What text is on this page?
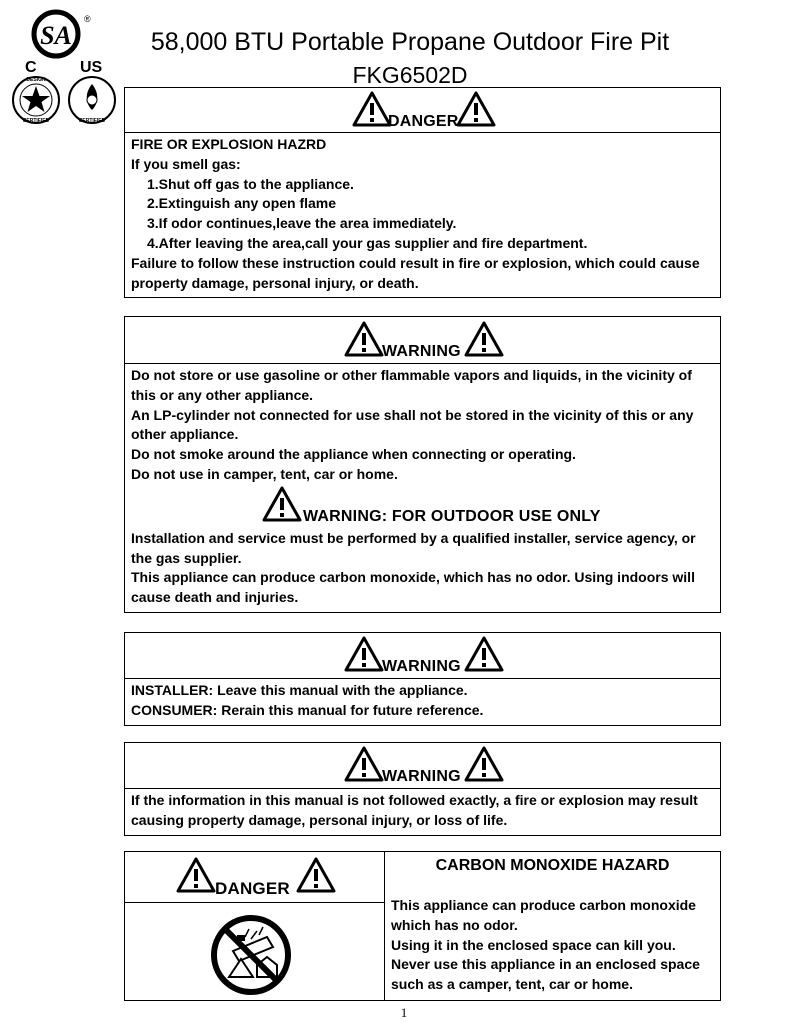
SA
®
C	US
DESIGN
CERTIFIED	CERTIFIED
58,000 BTU Portable Propane Outdoor Fire Pit
FKG6502D
DANGER

FIRE OR EXPLOSION HAZRD

If you smell gas:

1.Shut off gas to the appliance.

2.Extinguish any open flame

3.If odor continues,leave the area immediately.

4.After leaving the area,call your gas supplier and fire department.

Failure to follow these instruction could result in fire or explosion, which could cause property damage, personal injury, or death.

WARNING

Do not store or use gasoline or other flammable vapors and liquids, in the vicinity of this or any other appliance.

An LP-cylinder not connected for use shall not be stored in the vicinity of this or any other appliance.

Do not smoke around the appliance when connecting or operating.

Do not use in camper, tent, car or home.

WARNING: FOR OUTDOOR USE ONLY

Installation and service must be performed by a qualified installer, service agency, or the gas supplier.

This appliance can produce carbon monoxide, which has no odor. Using indoors will cause death and injuries.

WARNING

INSTALLER: Leave this manual with the appliance.

CONSUMER: Rerain this manual for future reference.

WARNING

If the information in this manual is not followed exactly, a fire or explosion may result causing property damage, personal injury, or loss of life.

DANGER
CARBON MONOXIDE HAZARD

This appliance can produce carbon monoxide which has no odor.

Using it in the enclosed space can kill you.

Never use this appliance in an enclosed space such as a camper, tent, car or home.

1
